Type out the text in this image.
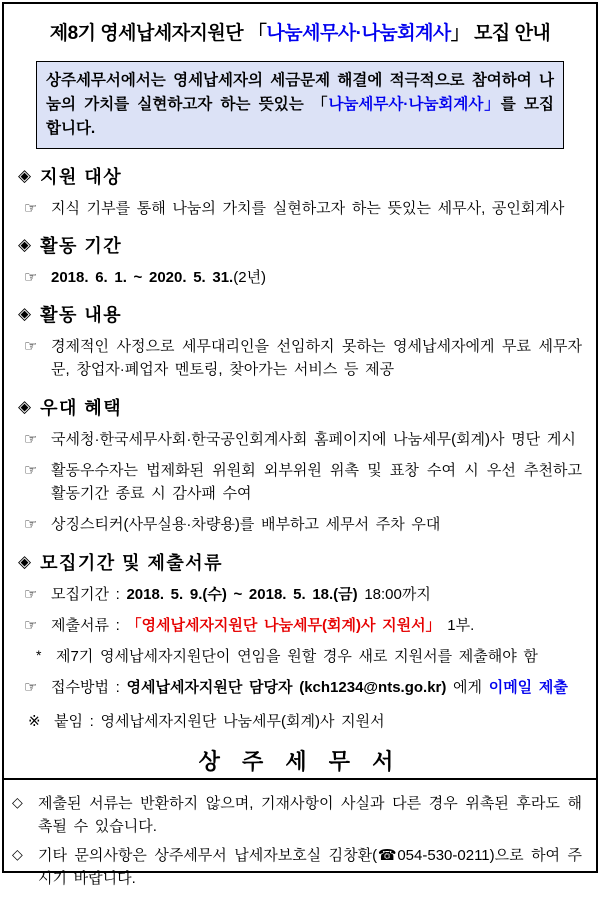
제8기 영세납세자지원단 「나눔세무사·나눔회계사」 모집 안내
상주세무서에서는 영세납세자의 세금문제 해결에 적극적으로 참여하여 나눔의 가치를 실현하고자 하는 뜻있는 「나눔세무사·나눔회계사」를 모집합니다.
◈ 지원 대상
☞ 지식 기부를 통해 나눔의 가치를 실현하고자 하는 뜻있는 세무사, 공인회계사
◈ 활동 기간
☞ 2018. 6. 1. ~ 2020. 5. 31.(2년)
◈ 활동 내용
☞ 경제적인 사정으로 세무대리인을 선임하지 못하는 영세납세자에게 무료 세무자문, 창업자·폐업자 멘토링, 찾아가는 서비스 등 제공
◈ 우대 혜택
☞ 국세청·한국세무사회·한국공인회계사회 홈페이지에 나눔세무(회계)사 명단 게시
☞ 활동우수자는 법제화된 위원회 외부위원 위촉 및 표창 수여 시 우선 추천하고 활동기간 종료 시 감사패 수여
☞ 상징스티커(사무실용·차량용)를 배부하고 세무서 주차 우대
◈ 모집기간 및 제출서류
☞ 모집기간 : 2018. 5. 9.(수) ~ 2018. 5. 18.(금) 18:00까지
☞ 제출서류 : 「영세납세자지원단 나눔세무(회계)사 지원서」 1부.
* 제7기 영세납세자지원단이 연임을 원할 경우 새로 지원서를 제출해야 함
☞ 접수방법 : 영세납세자지원단 담당자 (kch1234@nts.go.kr) 에게 이메일 제출
※ 붙임 : 영세납세자지원단 나눔세무(회계)사 지원서
상 주 세 무 서
◇	제출된 서류는 반환하지 않으며, 기재사항이 사실과 다른 경우 위촉된 후라도 해촉될 수 있습니다.
◇	기타 문의사항은 상주세무서 납세자보호실 김창환(☎054-530-0211)으로 하여 주시기 바랍니다.
